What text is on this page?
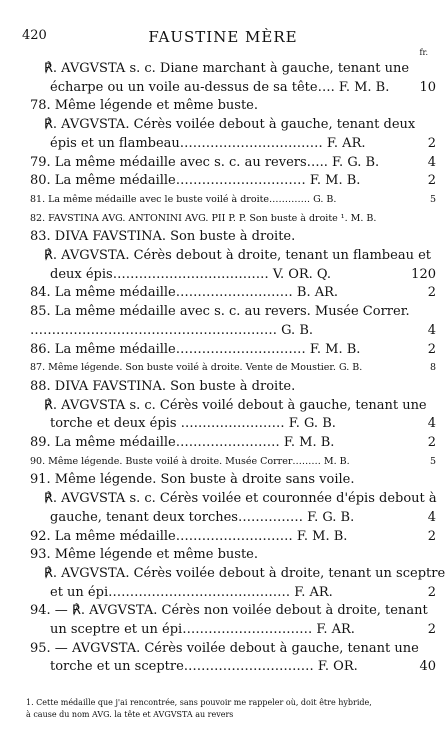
420	FAUSTINE MÈRE
fr.
℟. AVGVSTA s. c. Diane marchant à gauche, tenant une
écharpe ou un voile au-dessus de sa tête…. F. M. B. 10
78. Même légende et même buste.
℟. AVGVSTA. Cérès voilée debout à gauche, tenant deux
épis et un flambeau…………………………… F. AR.	2
79. La même médaille avec s. c. au revers….. F. G. B.	4
80. La même médaille………………………… F. M. B.	2
81. La même médaille avec le buste voilé à droite…………. G. B.	5
82. FAVSTINA AVG. ANTONINI AVG. PII P. P. Son buste à droite ¹. M. B.
83. DIVA FAVSTINA. Son buste à droite.
℟. AVGVSTA. Cérès debout à droite, tenant un flambeau et
deux épis……………………………… V. OR. Q.	120
84. La même médaille……………………… B. AR.	2
85. La même médaille avec s. c. au revers. Musée Correr.
………………………………………………… G. B.	4
86. La même médaille………………………… F. M. B.	2
87. Même légende. Son buste voilé à droite. Vente de Moustier. G. B.	8
88. DIVA FAVSTINA. Son buste à droite.
℟. AVGVSTA s. c. Cérès voilé debout à gauche, tenant une
torche et deux épis …………………… F. G. B.	4
89. La même médaille…………………… F. M. B.	2
90. Même légende. Buste voilé à droite. Musée Correr……… M. B.	5
91. Même légende. Son buste à droite sans voile.
℟. AVGVSTA s. c. Cérès voilée et couronnée d'épis debout à
gauche, tenant deux torches…………… F. G. B.	4
92. La même médaille……………………… F. M. B.	2
93. Même légende et même buste.
℟. AVGVSTA. Cérès voilée debout à droite, tenant un sceptre
et un épi…………………………………… F. AR.	2
94. — ℟. AVGVSTA. Cérès non voilée debout à droite, tenant
un sceptre et un épi………………………… F. AR.	2
95. — AVGVSTA. Cérès voilée debout à gauche, tenant une
torche et un sceptre………………………… F. OR.	40
1. Cette médaille que j'ai rencontrée, sans pouvoir me rappeler où, doit être hybride,
à cause du nom AVG. la tête et AVGVSTA au revers
